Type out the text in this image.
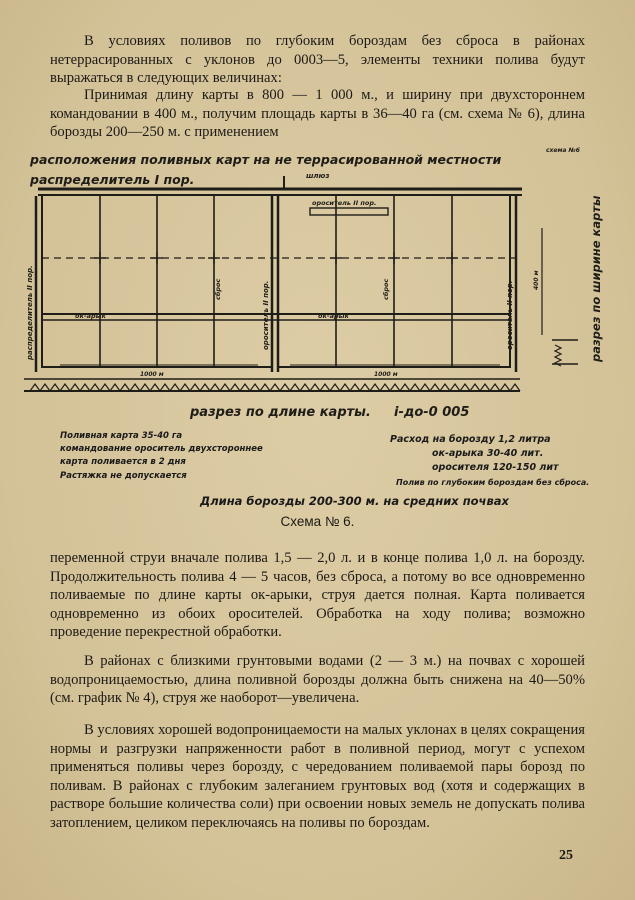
В условиях поливов по глубоким бороздам без сброса в районах нетеррасированных с уклонов до 0003—5, элементы техники полива будут выражаться в следующих величинах:

Принимая длину карты в 800 — 1 000 м., и ширину при двухстороннем командовании в 400 м., получим площадь карты в 36—40 га (см. схема № 6), длина борозды 200—250 м. с применением

расположения поливных карт на не террасированной местности
схема №6
распределитель I пор.	шлюз
ороситель II пор.
ок-арык	ок-арык
сброс	сброс
распределитель II пор.	ороситель II пор.	ороситель II пор.
400 м	разрез по ширине карты
1000 м	1000 м
разрез по длине карты. i-до-0 005
Поливная карта 35-40 га
командование ороситель двухстороннее
карта поливается в 2 дня
Растяжка не допускается
Расход на борозду 1,2 литра
ок-арыка 30-40 лит.
оросителя 120-150 лит
Полив по глубоким бороздам без сброса.
Длина борозды 200-300 м. на средних почвах
Схема № 6.

переменной струи вначале полива 1,5 — 2,0 л. и в конце полива 1,0 л. на борозду. Продолжительность полива 4 — 5 часов, без сброса, а потому во все одновременно поливаемые по длине карты ок-арыки, струя дается полная. Карта поливается одновременно из обоих оросителей. Обработка на ходу полива; возможно проведение перекрестной обработки.

В районах с близкими грунтовыми водами (2 — 3 м.) на почвах с хорошей водопроницаемостью, длина поливной борозды должна быть снижена на 40—50% (см. график № 4), струя же наоборот—увеличена.

В условиях хорошей водопроницаемости на малых уклонах в целях сокращения нормы и разгрузки напряженности работ в поливной период, могут с успехом применяться поливы через борозду, с чередованием поливаемой пары борозд по поливам. В районах с глубоким залеганием грунтовых вод (хотя и содержащих в растворе большие количества соли) при освоении новых земель не допускать полива затоплением, целиком переключаясь на поливы по бороздам.

25
